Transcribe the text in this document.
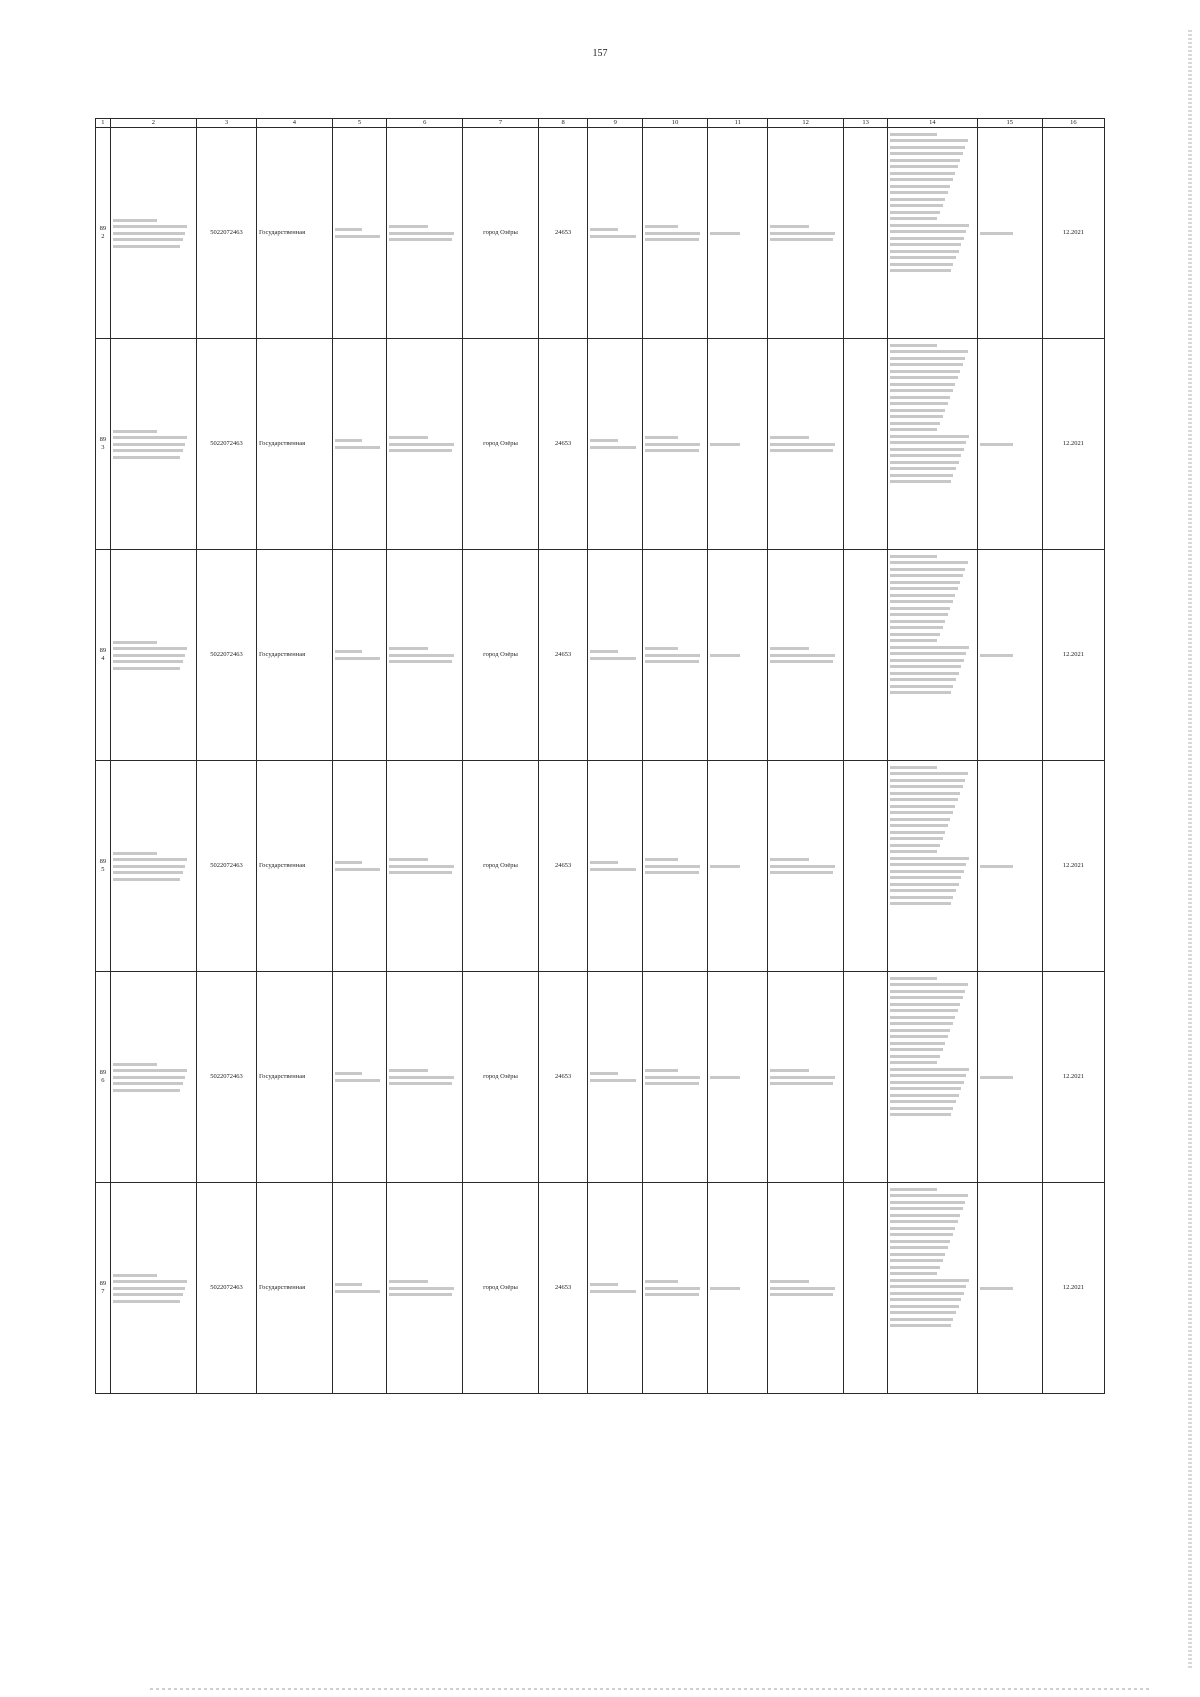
157
1	2	3	4	5	6	7	8	9	10	11	12	13	14	15	16
892		5022072463	Государственная			город Озёры	24653								12.2021
893		5022072463	Государственная			город Озёры	24653								12.2021
894		5022072463	Государственная			город Озёры	24653								12.2021
895		5022072463	Государственная			город Озёры	24653								12.2021
896		5022072463	Государственная			город Озёры	24653								12.2021
897		5022072463	Государственная			город Озёры	24653								12.2021
